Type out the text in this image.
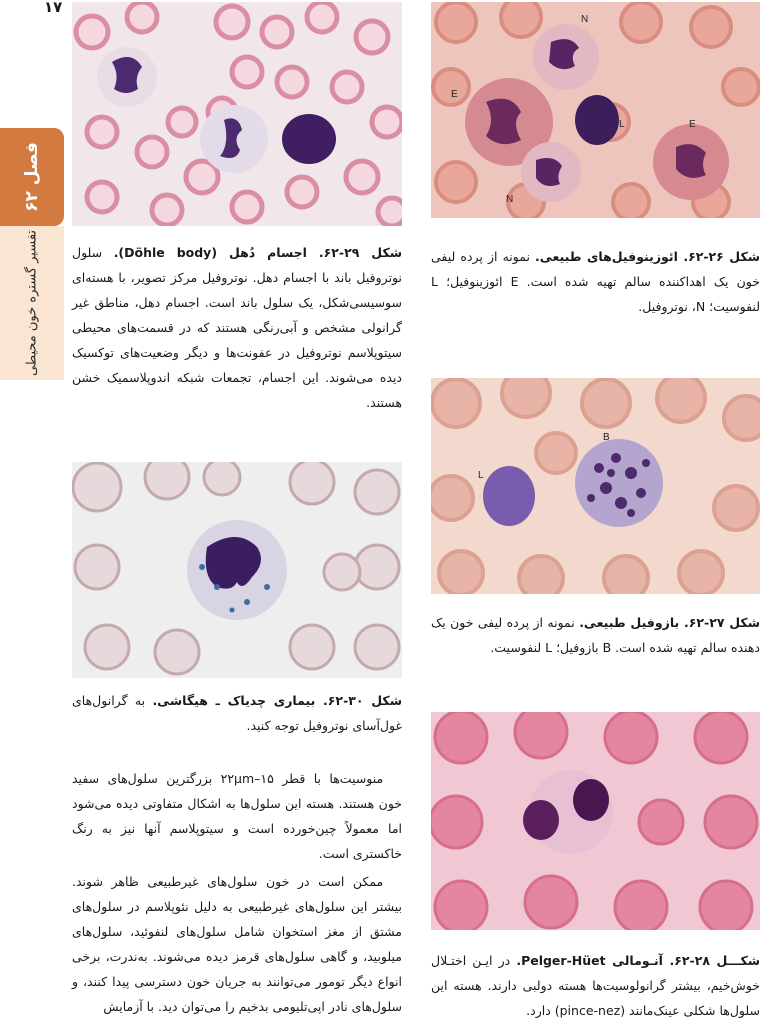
۱۷
فصل ۶۲
تفسیر گستره خون محیطی
N
E
L	E
N
شکل ۲۶-۶۲. ائوزینوفیل‌های طبیعی. نمونه از پرده لیفی خون یک اهداکننده سالم تهیه شده است. E ائوزینوفیل؛ L لنفوسیت؛ N، نوتروفیل.
شکل ۲۹-۶۲. اجسام دُهل (Döhle body). سلول نوتروفیل باند با اجسام دهل. نوتروفیل مرکز تصویر، با هسته‌ای سوسیسی‌شکل، یک سلول باند است. اجسام دهل، مناطق غیر گرانولی مشخص و آبی‌رنگی هستند که در قسمت‌های محیطی سیتوپلاسم نوتروفیل در عفونت‌ها و دیگر وضعیت‌های توکسیک دیده می‌شوند. این اجسام، تجمعات شبکه اندوپلاسمیک خشن هستند.
B
L
شکل ۲۷-۶۲. بازوفیل طبیعی. نمونه از پرده لیفی خون یک دهنده سالم تهیه شده است. B بازوفیل؛ L لنفوسیت.
شکل ۳۰-۶۲. بیماری چدیاک ـ هیگاشی. به گرانول‌های غول‌آسای نوتروفیل توجه کنید.
شکـــل ۲۸-۶۲. آنـومالی Pelger-Hüet. در ایـن اختـلال خوش‌خیم، بیشتر گرانولوسیت‌ها هسته دولبی دارند. هسته این سلول‌ها شکلی عینک‌مانند (pince-nez) دارد.

منوسیت‌ها با قطر ۱۵–۲۲μm بزرگترین سلول‌های سفید خون هستند. هسته این سلول‌ها به اشکال متفاوتی دیده می‌شود اما معمولاً چین‌خورده است و سیتوپلاسم آنها نیز به رنگ خاکستری است.

ممکن است در خون سلول‌های غیرطبیعی ظاهر شوند. بیشتر این سلول‌های غیرطبیعی به دلیل نئوپلاسم در سلول‌های مشتق از مغز استخوان شامل سلول‌های لنفوئید، سلول‌های میلوبید، و گاهی سلول‌های قرمز دیده می‌شوند. به‌ندرت، برخی انواع دیگر تومور می‌توانند به جریان خون دسترسی پیدا کنند، و سلول‌های نادر اپی‌تلیومی بدخیم را می‌توان دید. با آزمایش
